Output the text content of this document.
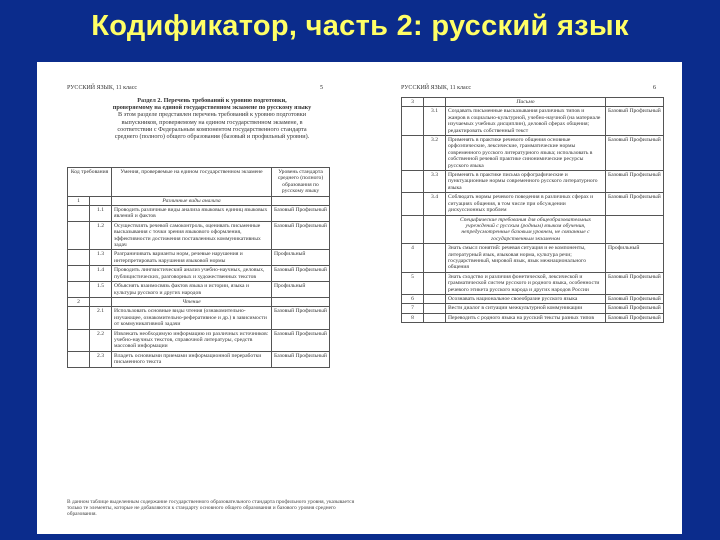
Кодификатор, часть 2: русский язык
РУССКИЙ ЯЗЫК, 11 класс	5
Раздел 2. Перечень требований к уровню подготовки,
проверяемому на единой государственном экзамене по русскому языку
В этом разделе представлен перечень требований к уровню подготовки
выпускников, проверяемому на едином государственном экзамене, в
соответствии с Федеральным компонентом государственного стандарта
среднего (полного) общего образования (базовый и профильный уровни).
Код требования		Умения, проверяемые на едином государственном экзамене	Уровень стандарта среднего (полного) образования по русскому языку
1		Различные виды анализа	
	1.1	Проводить различные виды анализа языковых единиц языковых явлений и фактов	Базовый Профильный
	1.2	Осуществлять речевой самоконтроль, оценивать письменные высказывания с точки зрения языкового оформления, эффективности достижения поставленных коммуникативных задач	Базовый Профильный
	1.3	Разграничивать варианты норм, речевые нарушения и интерпретировать нарушения языковой нормы	Профильный
	1.4	Проводить лингвистический анализ учебно-научных, деловых, публицистических, разговорных и художественных текстов	Базовый Профильный
	1.5	Объяснять взаимосвязь фактов языка и истории, языка и культуры русского и других народов	Профильный
2		Чтение	
	2.1	Использовать основные виды чтения (ознакомительно-изучающее, ознакомительно-реферативное и др.) в зависимости от коммуникативной задачи	Базовый Профильный
	2.2	Извлекать необходимую информацию из различных источников: учебно-научных текстов, справочной литературы, средств массовой информации	Базовый Профильный
	2.3	Владеть основными приемами информационной переработки письменного текста	Базовый Профильный
В данном таблице выделенным содержание государственного образовательного стандарта профильного уровня, указывается только те элементы, которые не добавляются к стандарту основного общего образования и базового уровня среднего образования.
РУССКИЙ ЯЗЫК, 11 класс	6
3		Письмо	
	3.1	Создавать письменные высказывания различных типов и жанров в социально-культурной, учебно-научной (на материале изучаемых учебных дисциплин), деловой сферах общения; редактировать собственный текст	Базовый Профильный
	3.2	Применять в практике речевого общения основные орфоэпические, лексические, грамматические нормы современного русского литературного языка; использовать в собственной речевой практике синонимические ресурсы русского языка	Базовый Профильный
	3.3	Применять в практике письма орфографические и пунктуационные нормы современного русского литературного языка	Базовый Профильный
	3.4	Соблюдать нормы речевого поведения в различных сферах и ситуациях общения, в том числе при обсуждении дискуссионных проблем	Базовый Профильный
		Специфические требования для общеобразовательных учреждений с русским (родным) языком обучения, непредусмотренные базовым уровнем, не связанные с государственным экзаменом	
4		Знать смысл понятий: речевая ситуация и ее компоненты, литературный язык, языковая норма, культура речи; государственный, мировой язык, язык межнационального общения	Профильный
5		Знать сходство и различия фонетической, лексической и грамматической систем русского и родного языка, особенности речевого этикета русского народа и других народов России	Базовый Профильный
6		Осознавать национальное своеобразие русского языка	Базовый Профильный
7		Вести диалог в ситуации межкультурной коммуникации	Базовый Профильный
8		Переводить с родного языка на русский тексты разных типов	Базовый Профильный
